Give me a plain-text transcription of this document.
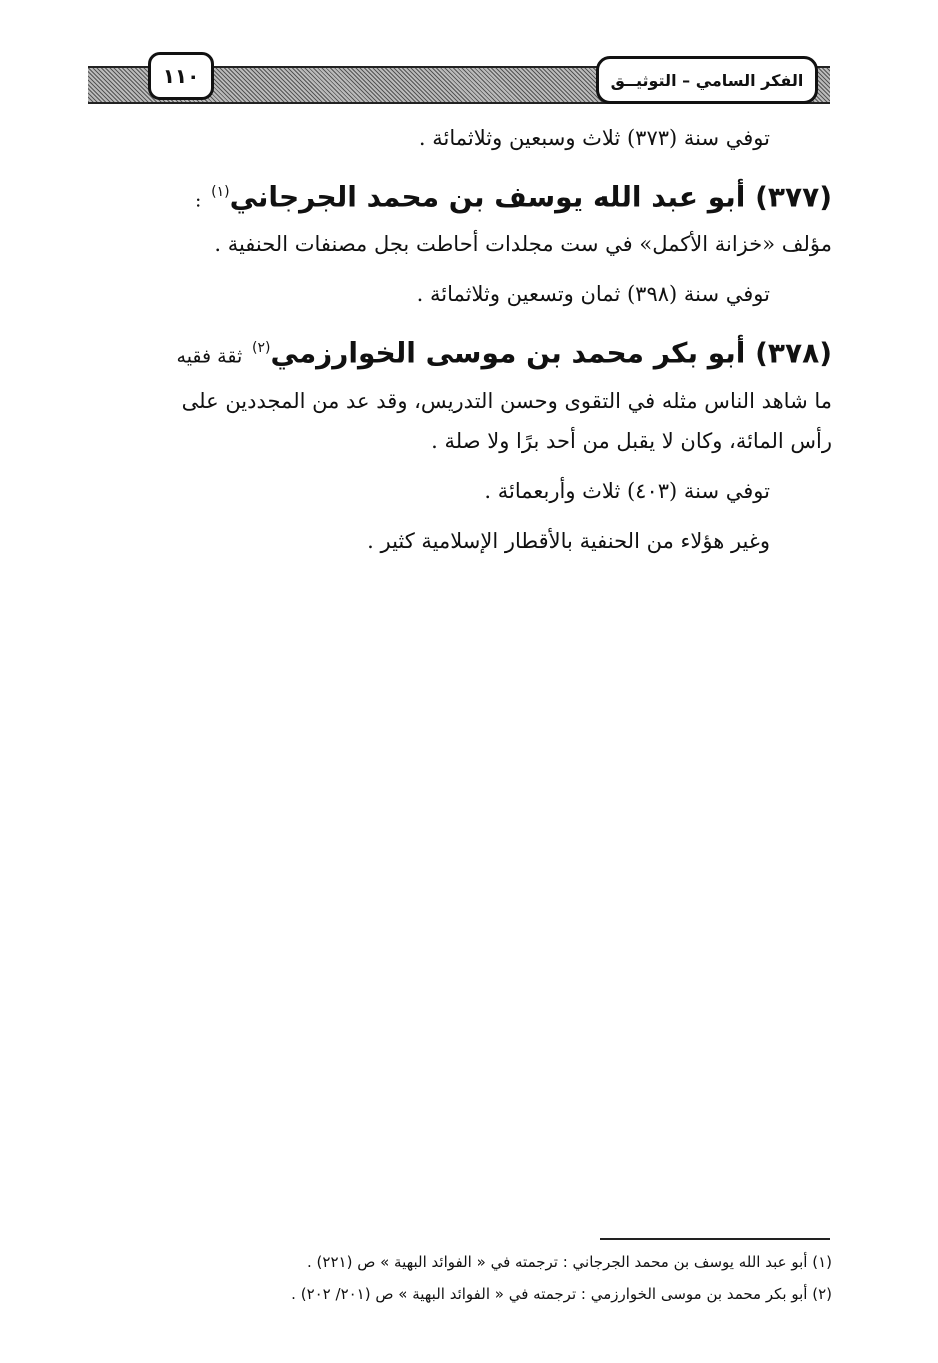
١١٠	الفكر السامي – التوثيــق
توفي سنة (٣٧٣) ثلاث وسبعين وثلاثمائة .
(٣٧٧) أبو عبد الله يوسف بن محمد الجرجاني$^{(١)}$ :
مؤلف «خزانة الأكمل» في ست مجلدات أحاطت بجل مصنفات الحنفية .
توفي سنة (٣٩٨) ثمان وتسعين وثلاثمائة .
(٣٧٨) أبو بكر محمد بن موسى الخوارزمي$^{(٢)}$ ثقة فقيه
ما شاهد الناس مثله في التقوى وحسن التدريس، وقد عد من المجددين على
رأس المائة، وكان لا يقبل من أحد برًا ولا صلة .
توفي سنة (٤٠٣) ثلاث وأربعمائة .
وغير هؤلاء من الحنفية بالأقطار الإسلامية كثير .
(١) أبو عبد الله يوسف بن محمد الجرجاني : ترجمته في « الفوائد البهية » ص (٢٢١) .
(٢) أبو بكر محمد بن موسى الخوارزمي : ترجمته في « الفوائد البهية » ص (٢٠١/ ٢٠٢) .
